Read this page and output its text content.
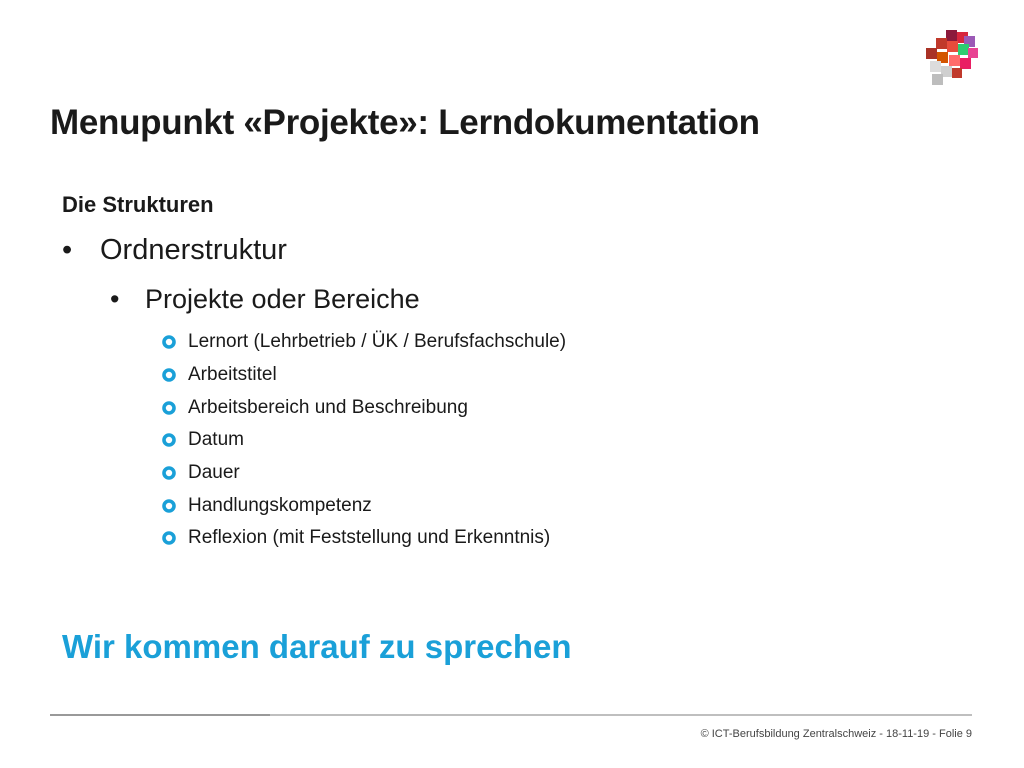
Menupunkt «Projekte»: Lerndokumentation
Die Strukturen
• Ordnerstruktur
• Projekte oder Bereiche
Lernort (Lehrbetrieb / ÜK / Berufsfachschule)
Arbeitstitel
Arbeitsbereich und Beschreibung
Datum
Dauer
Handlungskompetenz
Reflexion (mit Feststellung und Erkenntnis)
Wir kommen darauf zu sprechen
© ICT-Berufsbildung Zentralschweiz - 18-11-19 - Folie 9
